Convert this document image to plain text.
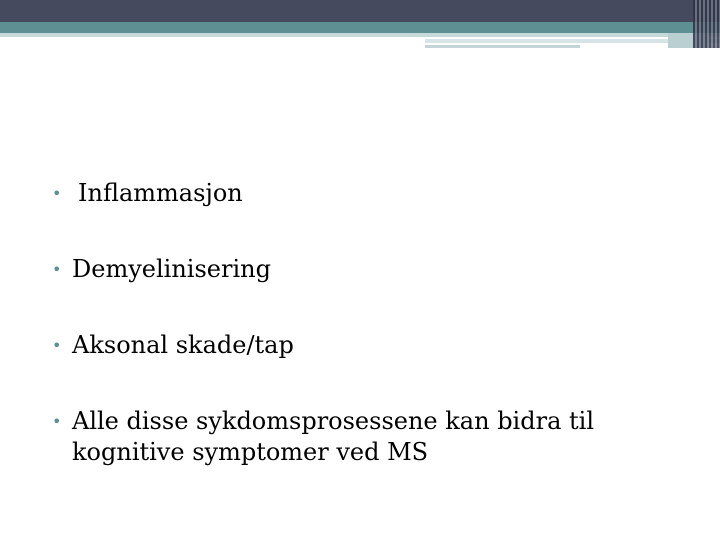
• Inflammasjon
• Demyelinisering
• Aksonal skade/tap
• Alle disse sykdomsprosessene kan bidra til kognitive symptomer ved MS
